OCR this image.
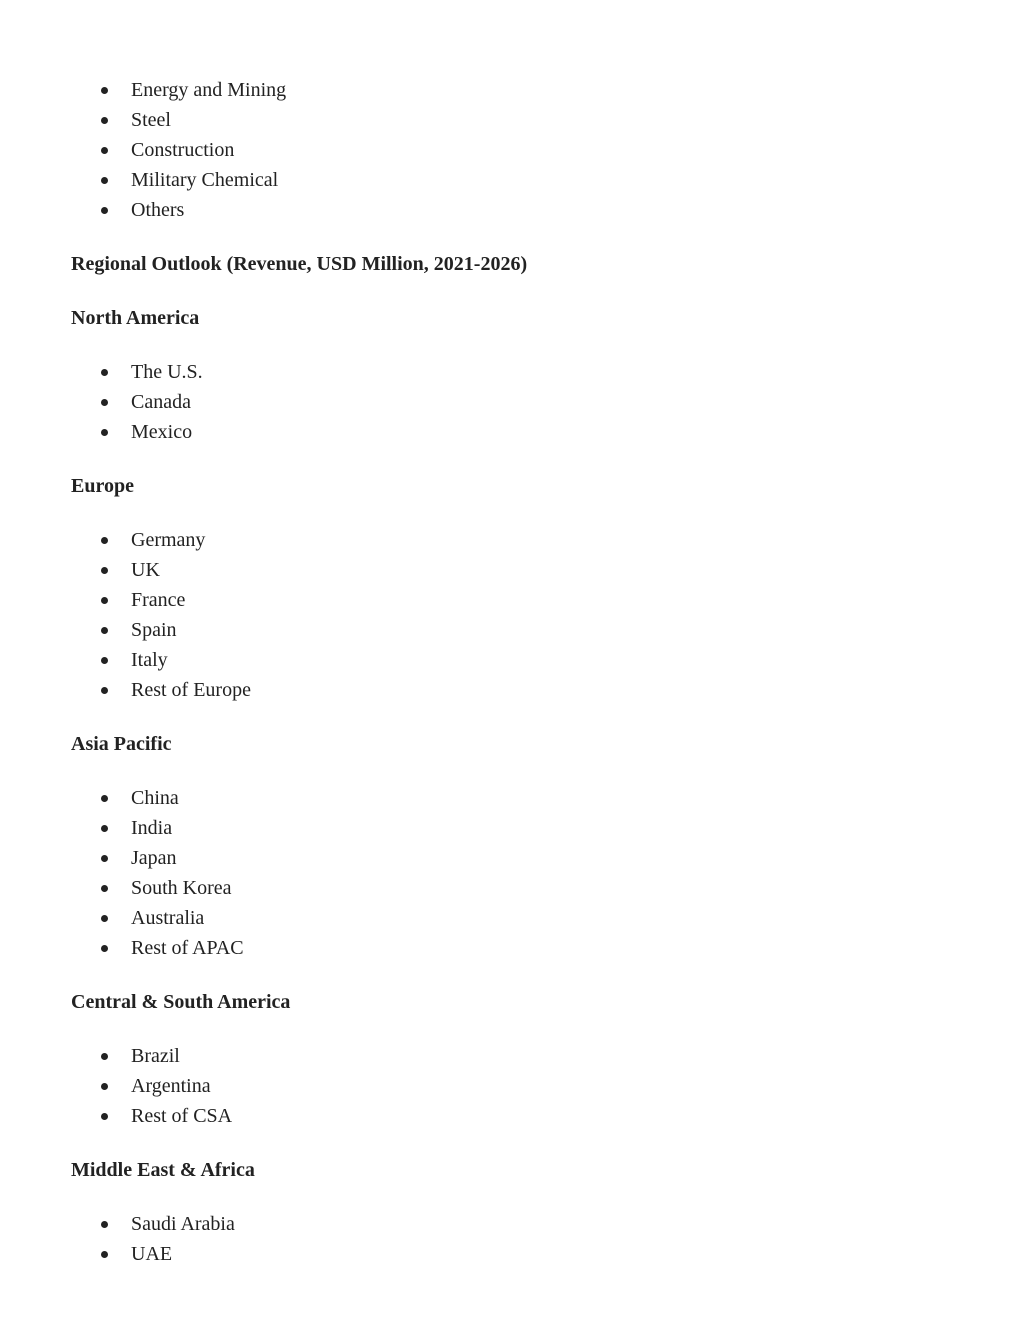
Energy and Mining
Steel
Construction
Military Chemical
Others
Regional Outlook (Revenue, USD Million, 2021-2026)
North America
The U.S.
Canada
Mexico
Europe
Germany
UK
France
Spain
Italy
Rest of Europe
Asia Pacific
China
India
Japan
South Korea
Australia
Rest of APAC
Central & South America
Brazil
Argentina
Rest of CSA
Middle East & Africa
Saudi Arabia
UAE
